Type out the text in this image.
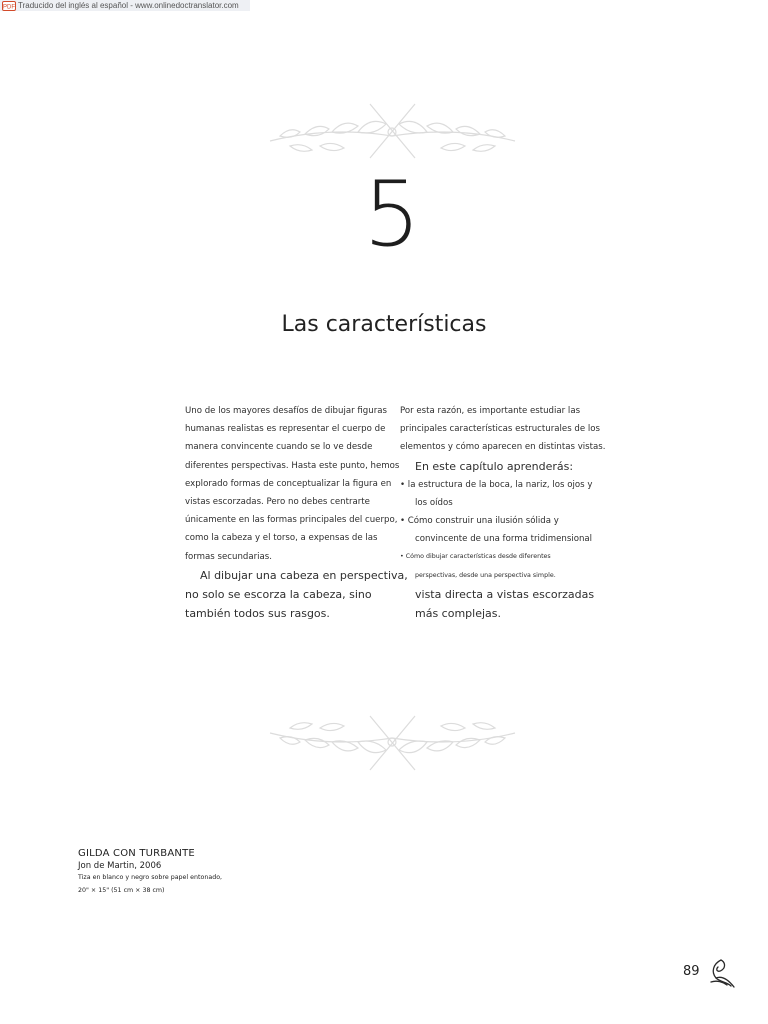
PDF Traducido del inglés al español - www.onlinedoctranslator.com
5
Las características
Uno de los mayores desafíos de dibujar figuras
humanas realistas es representar el cuerpo de
manera convincente cuando se lo ve desde
diferentes perspectivas. Hasta este punto, hemos
explorado formas de conceptualizar la figura en
vistas escorzadas. Pero no debes centrarte
únicamente en las formas principales del cuerpo,
como la cabeza y el torso, a expensas de las
formas secundarias.
Al dibujar una cabeza en perspectiva,
no solo se escorza la cabeza, sino
también todos sus rasgos.
Por esta razón, es importante estudiar las
principales características estructurales de los
elementos y cómo aparecen en distintas vistas.
En este capítulo aprenderás:
• la estructura de la boca, la nariz, los ojos y
los oídos
• Cómo construir una ilusión sólida y
convincente de una forma tridimensional
• Cómo dibujar características desde diferentes
perspectivas, desde una perspectiva simple.
vista directa a vistas escorzadas
más complejas.
GILDA CON TURBANTE
Jon de Martin, 2006
Tiza en blanco y negro sobre papel entonado,
20" × 15" (51 cm × 38 cm)
89
